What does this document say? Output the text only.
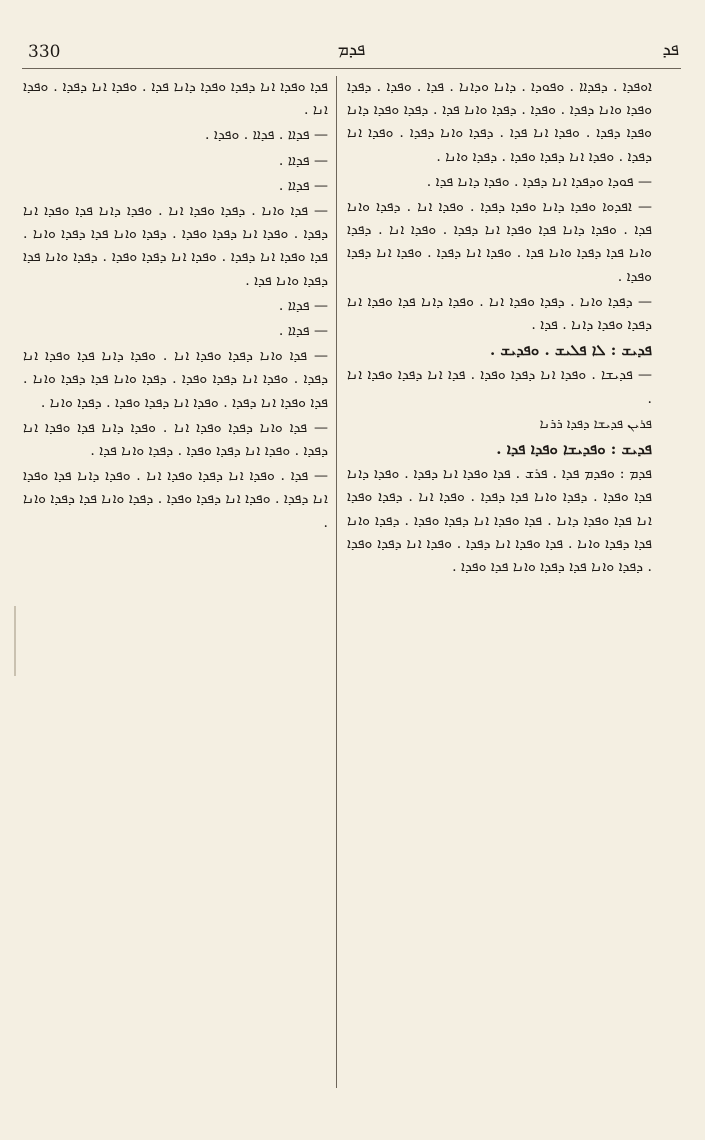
330	ܦܕܡ	ܦܕ

ܐܘܦܕܐ . ܕܦܕܐܐ . ܘܦܘܕܐ . ܕܐܢܐ ܘܕܐܢܐ . ܦܕܐ . ܘܦܕܐ . ܕܦܕܐ ܘܦܕܐ ܘܐܢܐ ܕܦܕܐ . ܘܦܕܐ . ܕܦܕܐ ܘܐܢܐ ܦܕܐ . ܕܦܕܐ ܘܦܕܐ ܕܐܢܐ ܘܦܕܐ ܕܦܕܐ . ܘܦܕܐ ܐܢܐ ܦܕܐ . ܕܦܕܐ ܘܐܢܐ ܕܦܕܐ . ܘܦܕܐ ܐܢܐ ܕܦܕܐ . ܘܦܕܐ ܐܢܐ ܕܦܕܐ ܘܦܕܐ . ܕܦܕܐ ܘܐܢܐ .

— ܦܘܕܐ ܘܕܦܕܐ ܐܢܐ ܕܦܕܐ . ܘܦܕܐ ܕܐܢܐ ܦܕܐ .

— ܐܦܕܘܐ ܘܦܕܐ ܕܐܢܐ ܘܦܕܐ ܕܦܕܐ . ܘܦܕܐ ܐܢܐ . ܕܦܕܐ ܘܐܢܐ ܦܕܐ . ܘܦܕܐ ܕܐܢܐ ܦܕܐ ܘܦܕܐ ܐܢܐ ܕܦܕܐ . ܘܦܕܐ ܐܢܐ . ܕܦܕܐ ܘܐܢܐ ܦܕܐ ܕܦܕܐ ܘܐܢܐ ܦܕܐ . ܘܦܕܐ ܐܢܐ ܕܦܕܐ . ܘܦܕܐ ܐܢܐ ܕܦܕܐ ܘܦܕܐ .

— ܕܦܕܐ ܘܐܢܐ . ܕܦܕܐ ܘܦܕܐ ܐܢܐ . ܘܦܕܐ ܕܐܢܐ ܦܕܐ ܘܦܕܐ ܐܢܐ ܕܦܕܐ ܘܦܕܐ ܕܐܢܐ . ܦܕܐ .

ܦܕܝܫ : ܠܐ ܦܠܝܫ . ܘܦܕܝܫ .

— ܦܕܝܫܐ . ܘܦܕܐ ܐܢܐ ܕܦܕܐ ܘܦܕܐ . ܦܕܐ ܐܢܐ ܕܦܕܐ ܘܦܕܐ ܐܢܐ .

ܦܪܝܢ ܦܕܝܫܐ ܕܦܕܐ ܪܪܢܐ

ܦܕܝܫ : ܘܦܕܝܫܐ ܘܦܕܐ ܦܕܐ .

ܦܕܡ : ܘܦܕܡ ܦܕܐ . ܦܪܫ . ܦܕܐ ܘܦܕܐ ܐܢܐ ܕܦܕܐ . ܘܦܕܐ ܕܐܢܐ ܦܕܐ ܘܦܕܐ . ܕܦܕܐ ܘܐܢܐ ܦܕܐ ܕܦܕܐ . ܘܦܕܐ ܐܢܐ . ܕܦܕܐ ܘܦܕܐ ܐܢܐ ܦܕܐ ܘܦܕܐ ܕܐܢܐ . ܦܕܐ ܘܦܕܐ ܐܢܐ ܕܦܕܐ ܘܦܕܐ . ܕܦܕܐ ܘܐܢܐ ܦܕܐ ܕܦܕܐ ܘܐܢܐ . ܦܕܐ ܘܦܕܐ ܐܢܐ ܕܦܕܐ . ܘܦܕܐ ܐܢܐ ܕܦܕܐ ܘܦܕܐ . ܕܦܕܐ ܘܐܢܐ ܦܕܐ ܕܦܕܐ ܘܐܢܐ ܦܕܐ ܘܦܕܐ .

ܦܕܐ ܘܦܕܐ ܐܢܐ ܕܦܕܐ ܘܦܕܐ ܕܐܢܐ ܦܕܐ . ܘܦܕܐ ܐܢܐ ܕܦܕܐ . ܘܦܕܐ ܐܢܐ .

— ܦܕܐܐ . ܦܕܐܐ . ܘܦܕܐ .

— ܦܕܐܐ .

— ܦܕܐܐ .

— ܦܕܐ ܘܐܢܐ . ܕܦܕܐ ܘܦܕܐ ܐܢܐ . ܘܦܕܐ ܕܐܢܐ ܦܕܐ ܘܦܕܐ ܐܢܐ ܕܦܕܐ . ܘܦܕܐ ܐܢܐ ܕܦܕܐ ܘܦܕܐ . ܕܦܕܐ ܘܐܢܐ ܦܕܐ ܕܦܕܐ ܘܐܢܐ . ܦܕܐ ܘܦܕܐ ܐܢܐ ܕܦܕܐ . ܘܦܕܐ ܐܢܐ ܕܦܕܐ ܘܦܕܐ . ܕܦܕܐ ܘܐܢܐ ܦܕܐ ܕܦܕܐ ܘܐܢܐ ܦܕܐ .

— ܦܕܐܐ .

— ܦܕܐܐ .

— ܦܕܐ ܘܐܢܐ ܕܦܕܐ ܘܦܕܐ ܐܢܐ . ܘܦܕܐ ܕܐܢܐ ܦܕܐ ܘܦܕܐ ܐܢܐ ܕܦܕܐ . ܘܦܕܐ ܐܢܐ ܕܦܕܐ ܘܦܕܐ . ܕܦܕܐ ܘܐܢܐ ܦܕܐ ܕܦܕܐ ܘܐܢܐ . ܦܕܐ ܘܦܕܐ ܐܢܐ ܕܦܕܐ . ܘܦܕܐ ܐܢܐ ܕܦܕܐ ܘܦܕܐ . ܕܦܕܐ ܘܐܢܐ .

— ܦܕܐ ܘܐܢܐ ܕܦܕܐ ܘܦܕܐ ܐܢܐ . ܘܦܕܐ ܕܐܢܐ ܦܕܐ ܘܦܕܐ ܐܢܐ ܕܦܕܐ . ܘܦܕܐ ܐܢܐ ܕܦܕܐ ܘܦܕܐ . ܕܦܕܐ ܘܐܢܐ ܦܕܐ .

— ܦܕܐ . ܘܦܕܐ ܐܢܐ ܕܦܕܐ ܘܦܕܐ ܐܢܐ . ܘܦܕܐ ܕܐܢܐ ܦܕܐ ܘܦܕܐ ܐܢܐ ܕܦܕܐ . ܘܦܕܐ ܐܢܐ ܕܦܕܐ ܘܦܕܐ . ܕܦܕܐ ܘܐܢܐ ܦܕܐ ܕܦܕܐ ܘܐܢܐ .
